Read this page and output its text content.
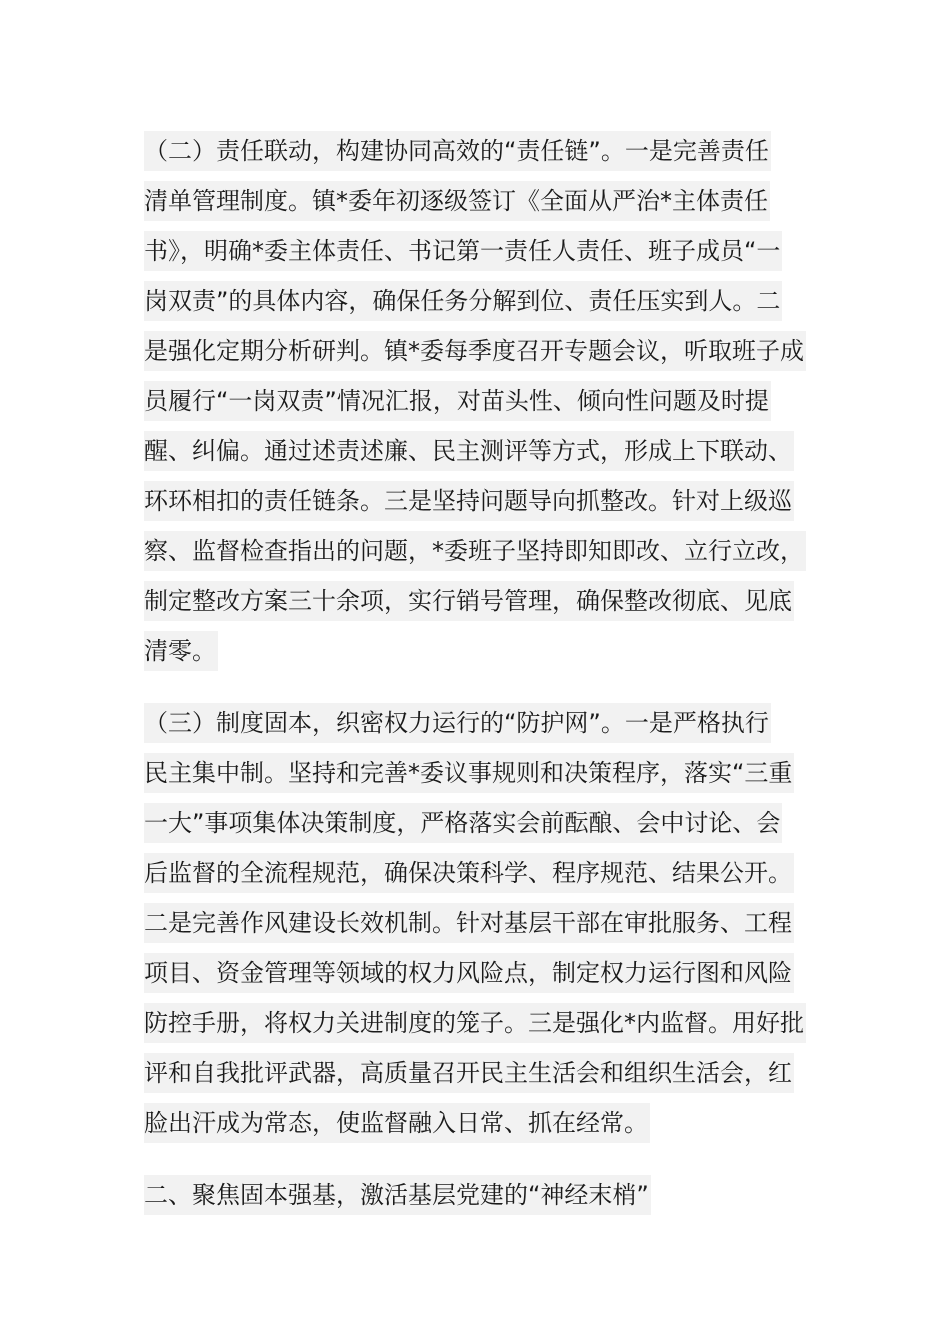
（二）责任联动，构建协同高效的“责任链”。一是完善责任
清单管理制度。镇*委年初逐级签订《全面从严治*主体责任
书》，明确*委主体责任、书记第一责任人责任、班子成员“一
岗双责”的具体内容，确保任务分解到位、责任压实到人。二
是强化定期分析研判。镇*委每季度召开专题会议，听取班子成
员履行“一岗双责”情况汇报，对苗头性、倾向性问题及时提
醒、纠偏。通过述责述廉、民主测评等方式，形成上下联动、
环环相扣的责任链条。三是坚持问题导向抓整改。针对上级巡
察、监督检查指出的问题，*委班子坚持即知即改、立行立改，
制定整改方案三十余项，实行销号管理，确保整改彻底、见底
清零。
（三）制度固本，织密权力运行的“防护网”。一是严格执行
民主集中制。坚持和完善*委议事规则和决策程序，落实“三重
一大”事项集体决策制度，严格落实会前酝酿、会中讨论、会
后监督的全流程规范，确保决策科学、程序规范、结果公开。
二是完善作风建设长效机制。针对基层干部在审批服务、工程
项目、资金管理等领域的权力风险点，制定权力运行图和风险
防控手册，将权力关进制度的笼子。三是强化*内监督。用好批
评和自我批评武器，高质量召开民主生活会和组织生活会，红
脸出汗成为常态，使监督融入日常、抓在经常。
二、聚焦固本强基，激活基层党建的“神经末梢”
